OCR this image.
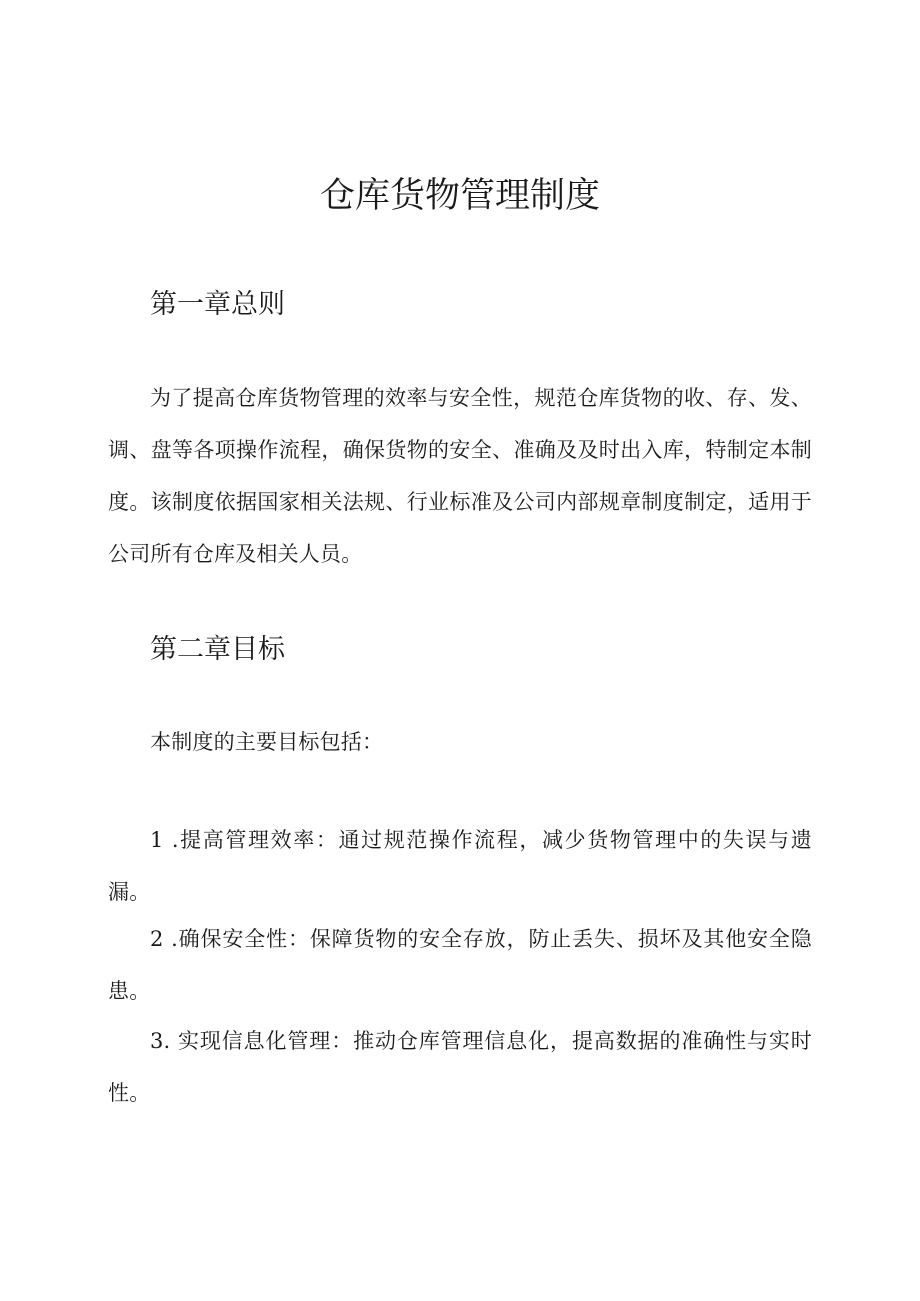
仓库货物管理制度
第一章总则

为了提高仓库货物管理的效率与安全性，规范仓库货物的收、存、发、调、盘等各项操作流程，确保货物的安全、准确及及时出入库，特制定本制度。该制度依据国家相关法规、行业标准及公司内部规章制度制定，适用于公司所有仓库及相关人员。

第二章目标

本制度的主要目标包括：

1 .提高管理效率：通过规范操作流程，减少货物管理中的失误与遗漏。

2 .确保安全性：保障货物的安全存放，防止丢失、损坏及其他安全隐患。

3. 实现信息化管理：推动仓库管理信息化，提高数据的准确性与实时性。
